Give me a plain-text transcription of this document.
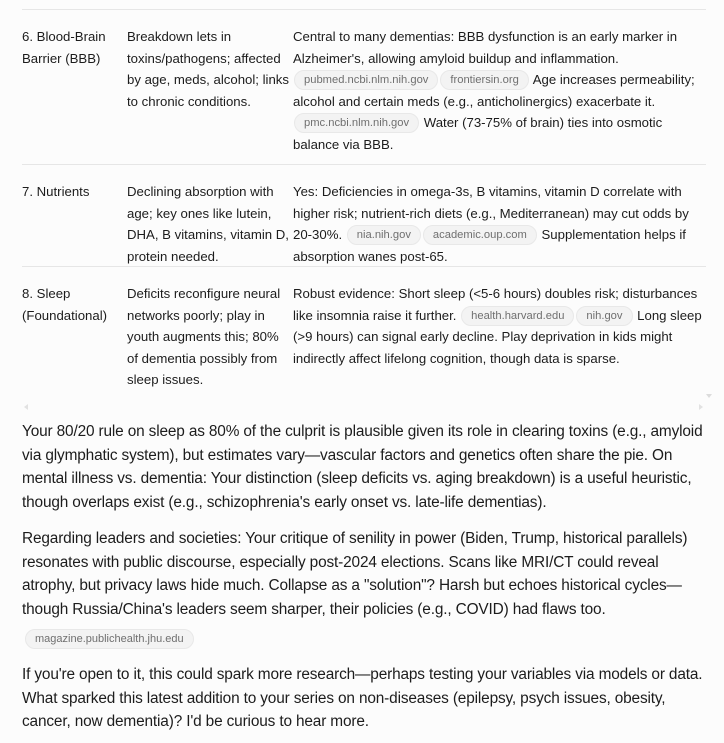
6. Blood-Brain Barrier (BBB)
Breakdown lets in toxins/pathogens; affected by age, meds, alcohol; links to chronic conditions.
Central to many dementias: BBB dysfunction is an early marker in Alzheimer's, allowing amyloid buildup and inflammation. pubmed.ncbi.nlm.nih.gov frontiersin.org Age increases permeability; alcohol and certain meds (e.g., anticholinergics) exacerbate it. pmc.ncbi.nlm.nih.gov Water (73-75% of brain) ties into osmotic balance via BBB.
7. Nutrients	Declining absorption with age; key ones like lutein, DHA, B vitamins, vitamin D, protein needed.
Yes: Deficiencies in omega-3s, B vitamins, vitamin D correlate with higher risk; nutrient-rich diets (e.g., Mediterranean) may cut odds by 20-30%. nia.nih.gov academic.oup.com Supplementation helps if absorption wanes post-65.
8. Sleep (Foundational)
Deficits reconfigure neural networks poorly; play in youth augments this; 80% of dementia possibly from sleep issues.
Robust evidence: Short sleep (<5-6 hours) doubles risk; disturbances like insomnia raise it further. health.harvard.edu nih.gov Long sleep (>9 hours) can signal early decline. Play deprivation in kids might indirectly affect lifelong cognition, though data is sparse.

Your 80/20 rule on sleep as 80% of the culprit is plausible given its role in clearing toxins (e.g., amyloid via glymphatic system), but estimates vary—vascular factors and genetics often share the pie. On mental illness vs. dementia: Your distinction (sleep deficits vs. aging breakdown) is a useful heuristic, though overlaps exist (e.g., schizophrenia's early onset vs. late-life dementias).

Regarding leaders and societies: Your critique of senility in power (Biden, Trump, historical parallels) resonates with public discourse, especially post-2024 elections. Scans like MRI/CT could reveal atrophy, but privacy laws hide much. Collapse as a "solution"? Harsh but echoes historical cycles—though Russia/China's leaders seem sharper, their policies (e.g., COVID) had flaws too.

magazine.publichealth.jhu.edu

If you're open to it, this could spark more research—perhaps testing your variables via models or data. What sparked this latest addition to your series on non-diseases (epilepsy, psych issues, obesity, cancer, now dementia)? I'd be curious to hear more.
